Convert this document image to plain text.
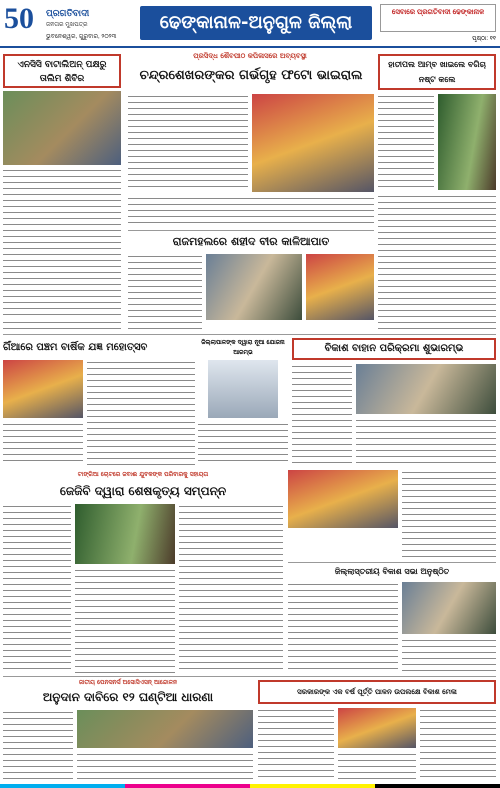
50	ପ୍ରଗତିବାଦୀ
ଜନତାର ମୁଖପତ୍ର
ଭୁବନେଶ୍ୱର, ଗୁରୁବାର, ୨୦୨୩
ଢେଙ୍କାନାଳ-ଅନୁଗୁଳ ଜିଲ୍ଲା	ସେବାରେ ପ୍ରଗତିବାଦୀ ଢେଙ୍କାନାଳ
ପୃଷ୍ଠା: ୧୧
ଏନସିସି ବାଟାଲିଅନ୍ ପକ୍ଷରୁ ତାଲିମ ଶିବିର
ପ୍ରସିଦ୍ଧ ଶୈବପୀଠ କପିଳାସରେ ଅବ୍ୟବସ୍ଥା
ଚନ୍ଦ୍ରଶେଖରଙ୍କର ଗର୍ଭଗୃହ ଫଟୋ ଭାଇରାଲ
ହାତୀପଲ ଆମ୍ବ ଖାଇଲେ ବଗିଚା ନଷ୍ଟ କଲେ
ରାଜମହଲରେ ଶହୀଦ ବୀର କାଳିଆପାତ
ଗିଁଆରେ ପଞ୍ଚମ ବାର୍ଷିକ ଯଜ୍ଞ ମହୋତ୍ସବ	ଜିଲ୍ଲାପାଳଙ୍କ ଦ୍ୱାରା ନୂଆ ଯୋଜନା ଆରମ୍ଭ	ବିକାଶ ବାହାନ ପରିକ୍ରମା ଶୁଭାରମ୍ଭ
ଟାଙ୍ଗିଆ ଚୋଟରେ ଜବାଈ ଯୁବକଙ୍କ ପରିବାରକୁ ସହାୟତା
ଜେଜିବି ଦ୍ୱାରା ଶେଷକୃତ୍ୟ ସମ୍ପନ୍ନ
ଜିଲ୍ଲାସ୍ତରୀୟ ବିକାଶ ସଭା ଅନୁଷ୍ଠିତ
ଜାତୀୟ ପେନସନର୍ସ ଅସୋସିଏସନ୍ ଆନ୍ଦୋଳନ
ଅନୁଦାନ ଦାବିରେ ୧୨ ଘଣ୍ଟିଆ ଧାରଣା	ସରକାରଙ୍କ ଏକ ବର୍ଷ ପୂର୍ତ୍ତି ପାଳନ ଉପଲକ୍ଷେ ବିକାଶ ମେଳା
